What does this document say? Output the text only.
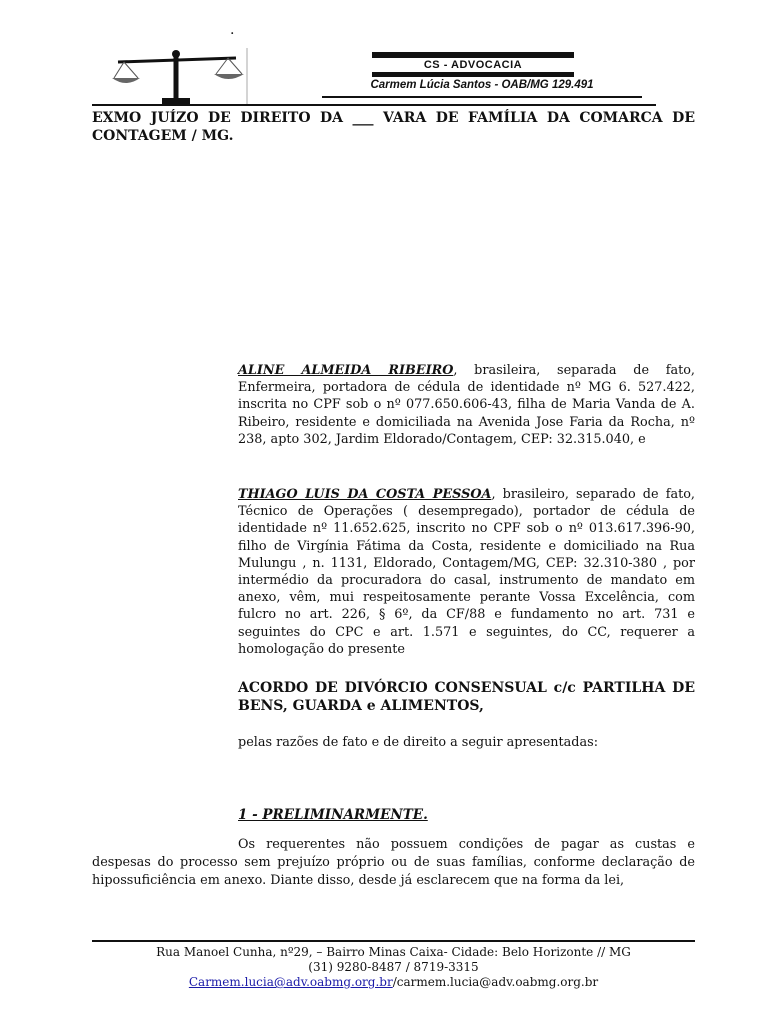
.
CS - ADVOCACIA
Carmem Lúcia Santos - OAB/MG 129.491
EXMO JUÍZO DE DIREITO DA ___ VARA DE FAMÍLIA DA COMARCA DE CONTAGEM / MG.
ALINE ALMEIDA RIBEIRO, brasileira, separada de fato, Enfermeira, portadora de cédula de identidade nº MG 6. 527.422, inscrita no CPF sob o nº 077.650.606-43, filha de Maria Vanda de A. Ribeiro, residente e domiciliada na Avenida Jose Faria da Rocha, nº 238, apto 302, Jardim Eldorado/Contagem, CEP: 32.315.040, e
THIAGO LUIS DA COSTA PESSOA, brasileiro, separado de fato, Técnico de Operações ( desempregado), portador de cédula de identidade nº 11.652.625, inscrito no CPF sob o nº 013.617.396-90, filho de Virgínia Fátima da Costa, residente e domiciliado na Rua Mulungu , n. 1131, Eldorado, Contagem/MG, CEP: 32.310-380 , por intermédio da procuradora do casal, instrumento de mandato em anexo, vêm, mui respeitosamente perante Vossa Excelência, com fulcro no art. 226, § 6º, da CF/88 e fundamento no art. 731 e seguintes do CPC e art. 1.571 e seguintes, do CC, requerer a homologação do presente
ACORDO DE DIVÓRCIO CONSENSUAL c/c PARTILHA DE BENS, GUARDA e ALIMENTOS,
pelas razões de fato e de direito a seguir apresentadas:
1 - PRELIMINARMENTE.
Os requerentes não possuem condições de pagar as custas e despesas do processo sem prejuízo próprio ou de suas famílias, conforme declaração de hipossuficiência em anexo. Diante disso, desde já esclarecem que na forma da lei,
Rua Manoel Cunha, nº29, – Bairro Minas Caixa- Cidade: Belo Horizonte // MG
(31) 9280-8487 / 8719-3315
Carmem.lucia@adv.oabmg.org.br/carmem.lucia@adv.oabmg.org.br
